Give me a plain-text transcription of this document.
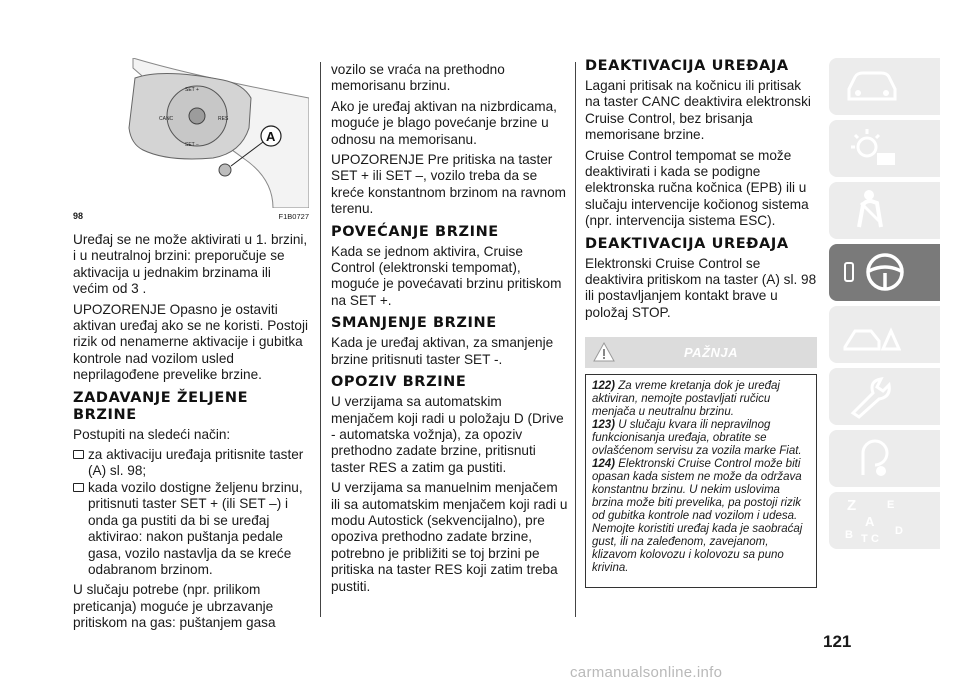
SET +
CANC	RES
SET −
A
98	F1B0727
Uređaj se ne može aktivirati u 1. brzini, i u neutralnoj brzini: preporučuje se aktivacija u jednakim brzinama ili većim od 3 .
UPOZORENJE Opasno je ostaviti aktivan uređaj ako se ne koristi. Postoji rizik od nenamerne aktivacije i gubitka kontrole nad vozilom usled neprilagođene prevelike brzine.
ZADAVANJE ŽELJENE BRZINE
Postupiti na sledeći način:
za aktivaciju uređaja pritisnite taster (A) sl. 98;
kada vozilo dostigne željenu brzinu, pritisnuti taster SET + (ili SET –) i onda ga pustiti da bi se uređaj aktivirao: nakon puštanja pedale gasa, vozilo nastavlja da se kreće odabranom brzinom.
U slučaju potrebe (npr. prilikom preticanja) moguće je ubrzavanje pritiskom na gas: puštanjem gasa
vozilo se vraća na prethodno memorisanu brzinu.
Ako je uređaj aktivan na nizbrdicama, moguće je blago povećanje brzine u odnosu na memorisanu.
UPOZORENJE Pre pritiska na taster SET + ili SET –, vozilo treba da se kreće konstantnom brzinom na ravnom terenu.
POVEĆANJE BRZINE
Kada se jednom aktivira, Cruise Control (elektronski tempomat), moguće je povećavati brzinu pritiskom na SET +.
SMANJENJE BRZINE
Kada je uređaj aktivan, za smanjenje brzine pritisnuti taster SET -.
OPOZIV BRZINE
U verzijama sa automatskim menjačem koji radi u položaju D (Drive - automatska vožnja), za opoziv prethodno zadate brzine, pritisnuti taster RES a zatim ga pustiti.
U verzijama sa manuelnim menjačem ili sa automatskim menjačem koji radi u modu Autostick (sekvencijalno), pre opoziva prethodno zadate brzine, potrebno je približiti se toj brzini pe pritiska na taster RES koji zatim treba pustiti.
DEAKTIVACIJA UREĐAJA
Lagani pritisak na kočnicu ili pritisak na taster CANC deaktivira elektronski Cruise Control, bez brisanja memorisane brzine.
Cruise Control tempomat se može deaktivirati i kada se podigne elektronska ručna kočnica (EPB) ili u slučaju intervencije kočionog sistema (npr. intervencija sistema ESC).
DEAKTIVACIJA UREĐAJA
Elektronski Cruise Control se deaktivira pritiskom na taster (A) sl. 98 ili postavljanjem kontakt brave u položaj STOP.
PAŽNJA
122) Za vreme kretanja dok je uređaj aktiviran, nemojte postavljati ručicu menjača u neutralnu brzinu.
123) U slučaju kvara ili nepravilnog funkcionisanja uređaja, obratite se ovlašćenom servisu za vozila marke Fiat.
124) Elektronski Cruise Control može biti opasan kada sistem ne može da održava konstantnu brzinu. U nekim uslovima brzina može biti prevelika, pa postoji rizik od gubitka kontrole nad vozilom i udesa. Nemojte koristiti uređaj kada je saobraćaj gust, ili na zaleđenom, zavejanom, klizavom kolovozu i kolovozu sa puno krivina.
Z	E
A
B C
T
D
121
carmanualsonline.info
